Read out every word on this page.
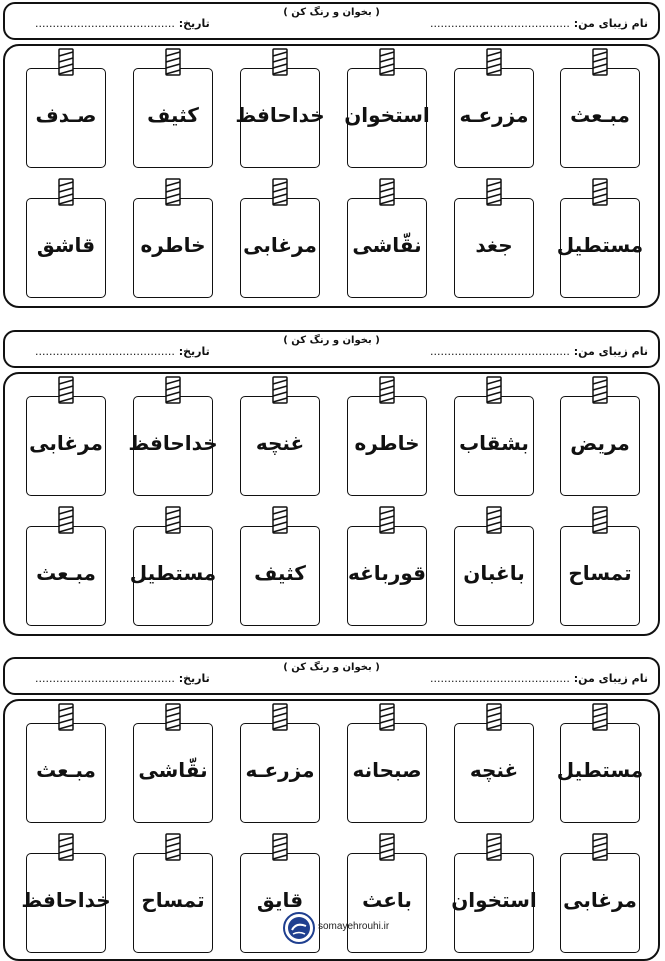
( بخوان و رنگ کن )
نام زیبای من: ........................................
تاریخ: ........................................
مبـعث
مزرعـه
استخوان
خداحافظ
کثیف
صـدف
مستطیل
جغد
نقّاشی
مرغابی
خاطره
قاشق
( بخوان و رنگ کن )
نام زیبای من: ........................................
تاریخ: ........................................
مریض
بشقاب
خاطره
غنچه
خداحافظ
مرغابی
تمساح
باغبان
قورباغه
کثیف
مستطیل
مبـعث
( بخوان و رنگ کن )
نام زیبای من: ........................................
تاریخ: ........................................
مستطیل
غنچه
صبحانه
مزرعـه
نقّاشی
مبـعث
مرغابی
استخوان
باعث
قایق
تمساح
خداحافظ
somayehrouhi.ir
